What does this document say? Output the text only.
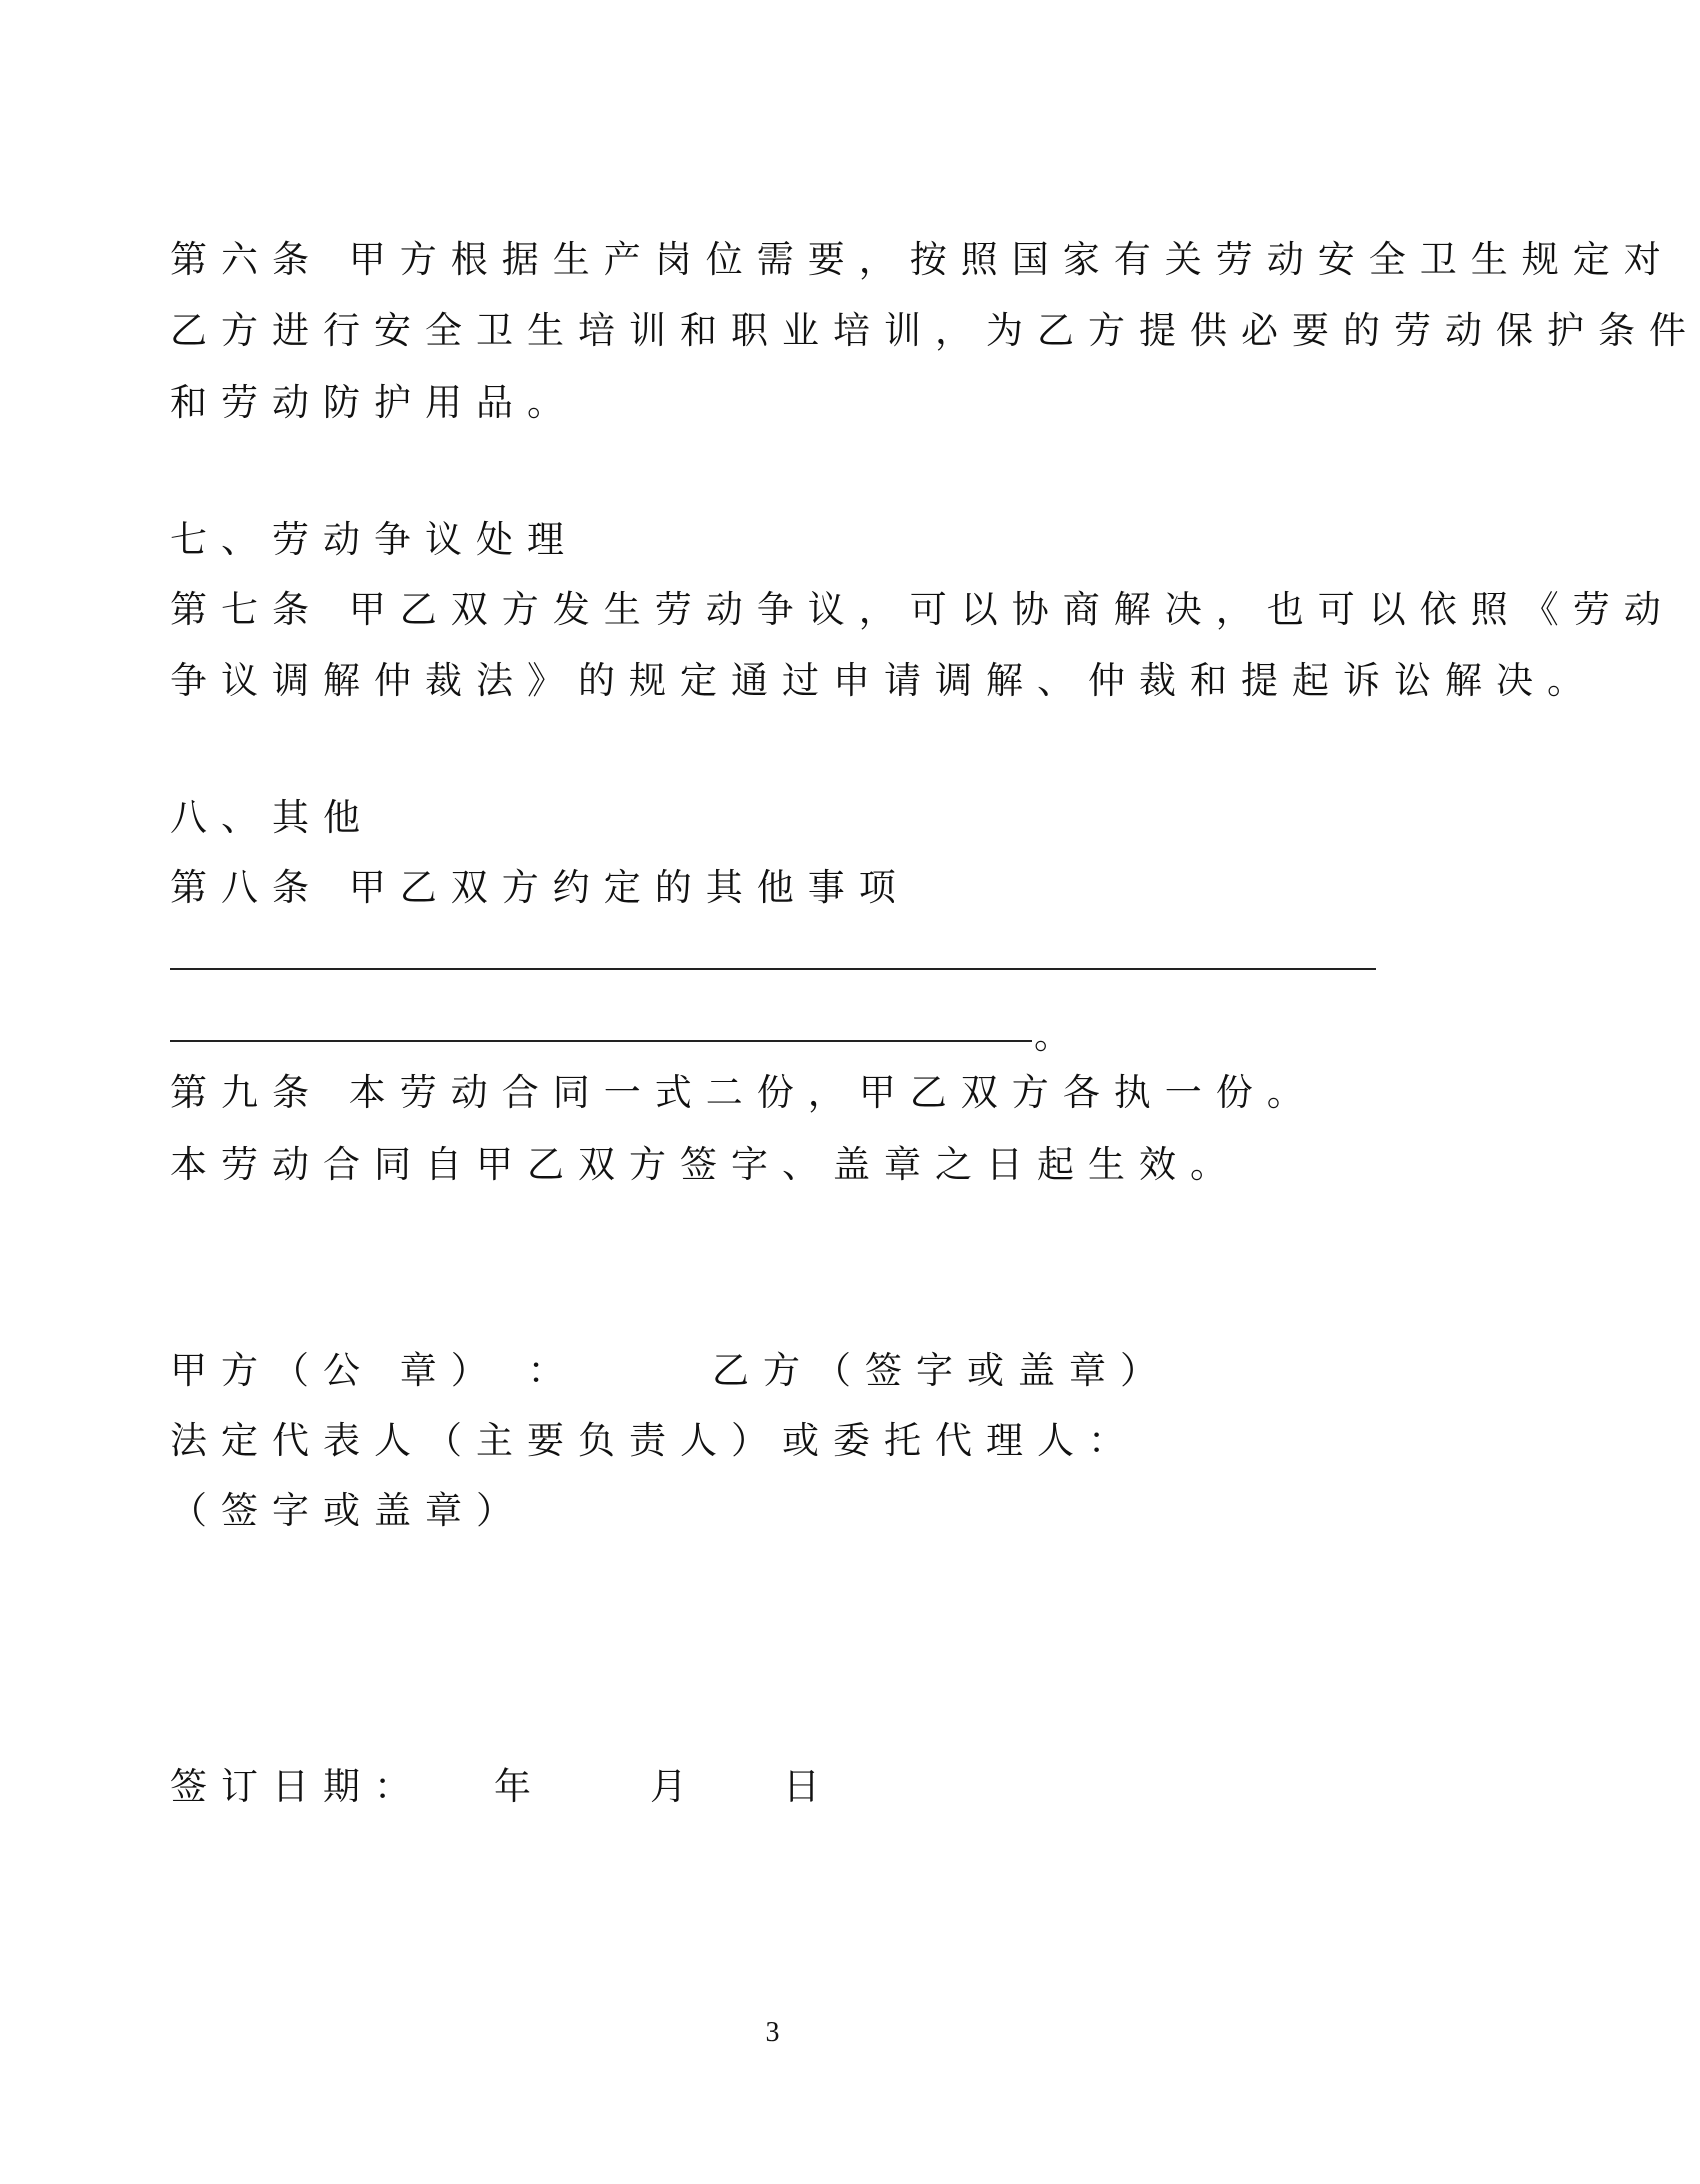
第六条 甲方根据生产岗位需要，按照国家有关劳动安全卫生规定对
乙方进行安全卫生培训和职业培训，为乙方提供必要的劳动保护条件
和劳动防护用品。
七、劳动争议处理
第七条 甲乙双方发生劳动争议，可以协商解决，也可以依照《劳动
争议调解仲裁法》的规定通过申请调解、仲裁和提起诉讼解决。
八、其他
第八条 甲乙双方约定的其他事项
。
第九条 本劳动合同一式二份，甲乙双方各执一份。
本劳动合同自甲乙双方签字、盖章之日起生效。
甲方（公 章） ：	乙方（签字或盖章）
法定代表人（主要负责人）或委托代理人：
（签字或盖章）
签订日期： 年	月 日
3
